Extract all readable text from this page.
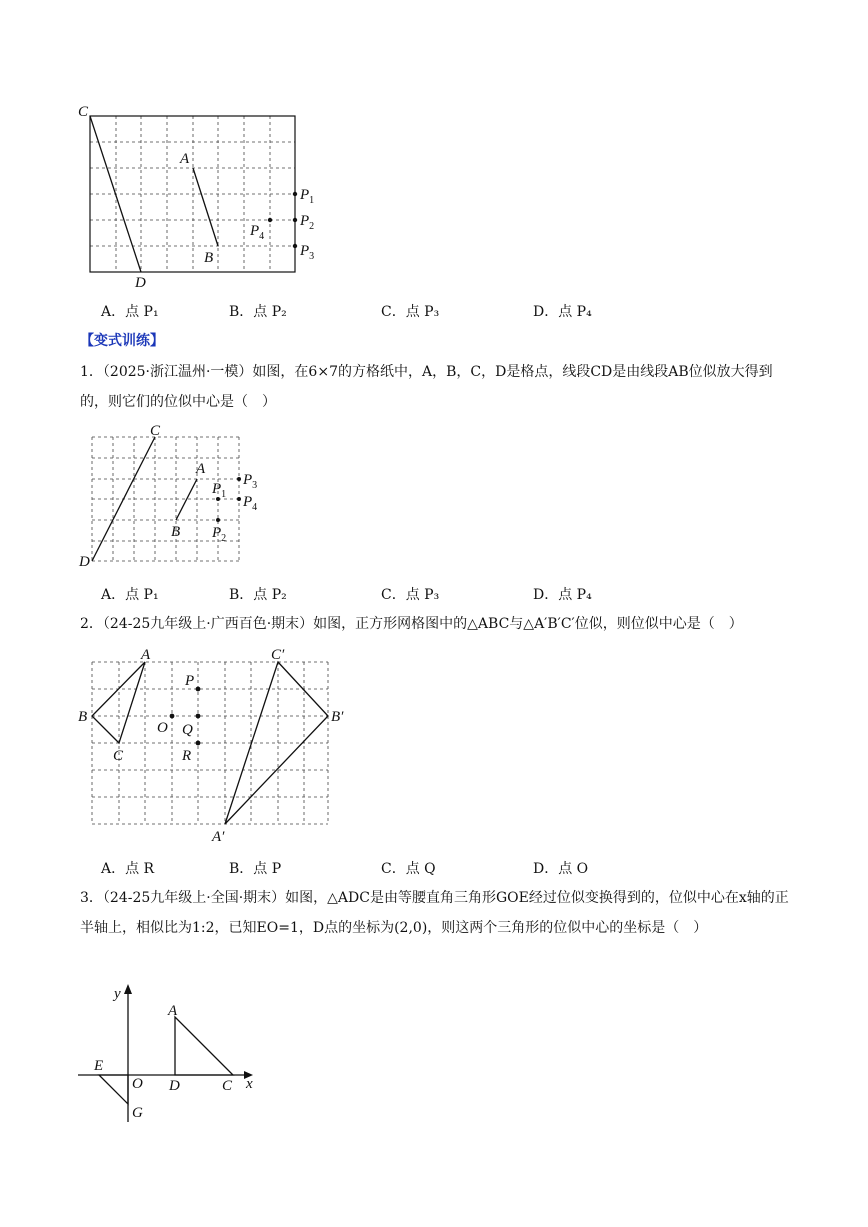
C
A
B
D
$P_1$
$P_2$
$P_3$
$P_4$
A．点 P₁	B．点 P₂	C．点 P₃	D．点 P₄
【变式训练】
1．（2025·浙江温州·一模）如图，在6×7的方格纸中，A，B，C，D是格点，线段CD是由线段AB位似放大得到的，则它们的位似中心是（　）
C
A
B
D
$P_1$
$P_2$
$P_3$
$P_4$
A．点 P₁	B．点 P₂	C．点 P₃	D．点 P₄
2．（24-25九年级上·广西百色·期末）如图，正方形网格图中的△ABC与△A′B′C′位似，则位似中心是（　）
A
B
C
P
O Q
R
C′
B′
A′
A．点 R	B．点 P	C．点 Q	D．点 O
3．（24-25九年级上·全国·期末）如图，△ADC是由等腰直角三角形GOE经过位似变换得到的，位似中心在x轴的正半轴上，相似比为1:2，已知EO=1，D点的坐标为(2,0)，则这两个三角形的位似中心的坐标是（　）
y
x
E
O
G
A
D	C
